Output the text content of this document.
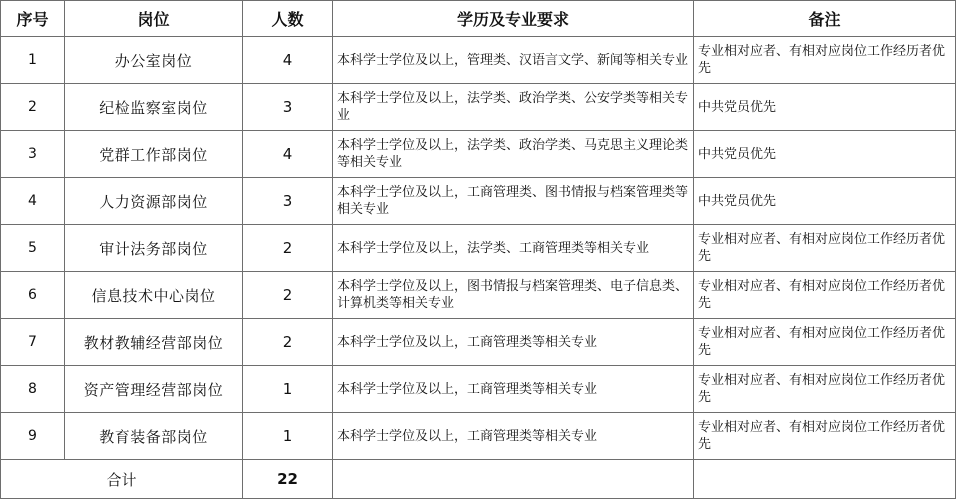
序号	岗位	人数	学历及专业要求	备注
1	办公室岗位	4	本科学士学位及以上，管理类、汉语言文学、新闻等相关专业	专业相对应者、有相对应岗位工作经历者优先
2	纪检监察室岗位	3	本科学士学位及以上，法学类、政治学类、公安学类等相关专业	中共党员优先
3	党群工作部岗位	4	本科学士学位及以上，法学类、政治学类、马克思主义理论类等相关专业	中共党员优先
4	人力资源部岗位	3	本科学士学位及以上，工商管理类、图书情报与档案管理类等相关专业	中共党员优先
5	审计法务部岗位	2	本科学士学位及以上，法学类、工商管理类等相关专业	专业相对应者、有相对应岗位工作经历者优先
6	信息技术中心岗位	2	本科学士学位及以上，图书情报与档案管理类、电子信息类、计算机类等相关专业	专业相对应者、有相对应岗位工作经历者优先
7	教材教辅经营部岗位	2	本科学士学位及以上，工商管理类等相关专业	专业相对应者、有相对应岗位工作经历者优先
8	资产管理经营部岗位	1	本科学士学位及以上，工商管理类等相关专业	专业相对应者、有相对应岗位工作经历者优先
9	教育装备部岗位	1	本科学士学位及以上，工商管理类等相关专业	专业相对应者、有相对应岗位工作经历者优先
合计		22		
